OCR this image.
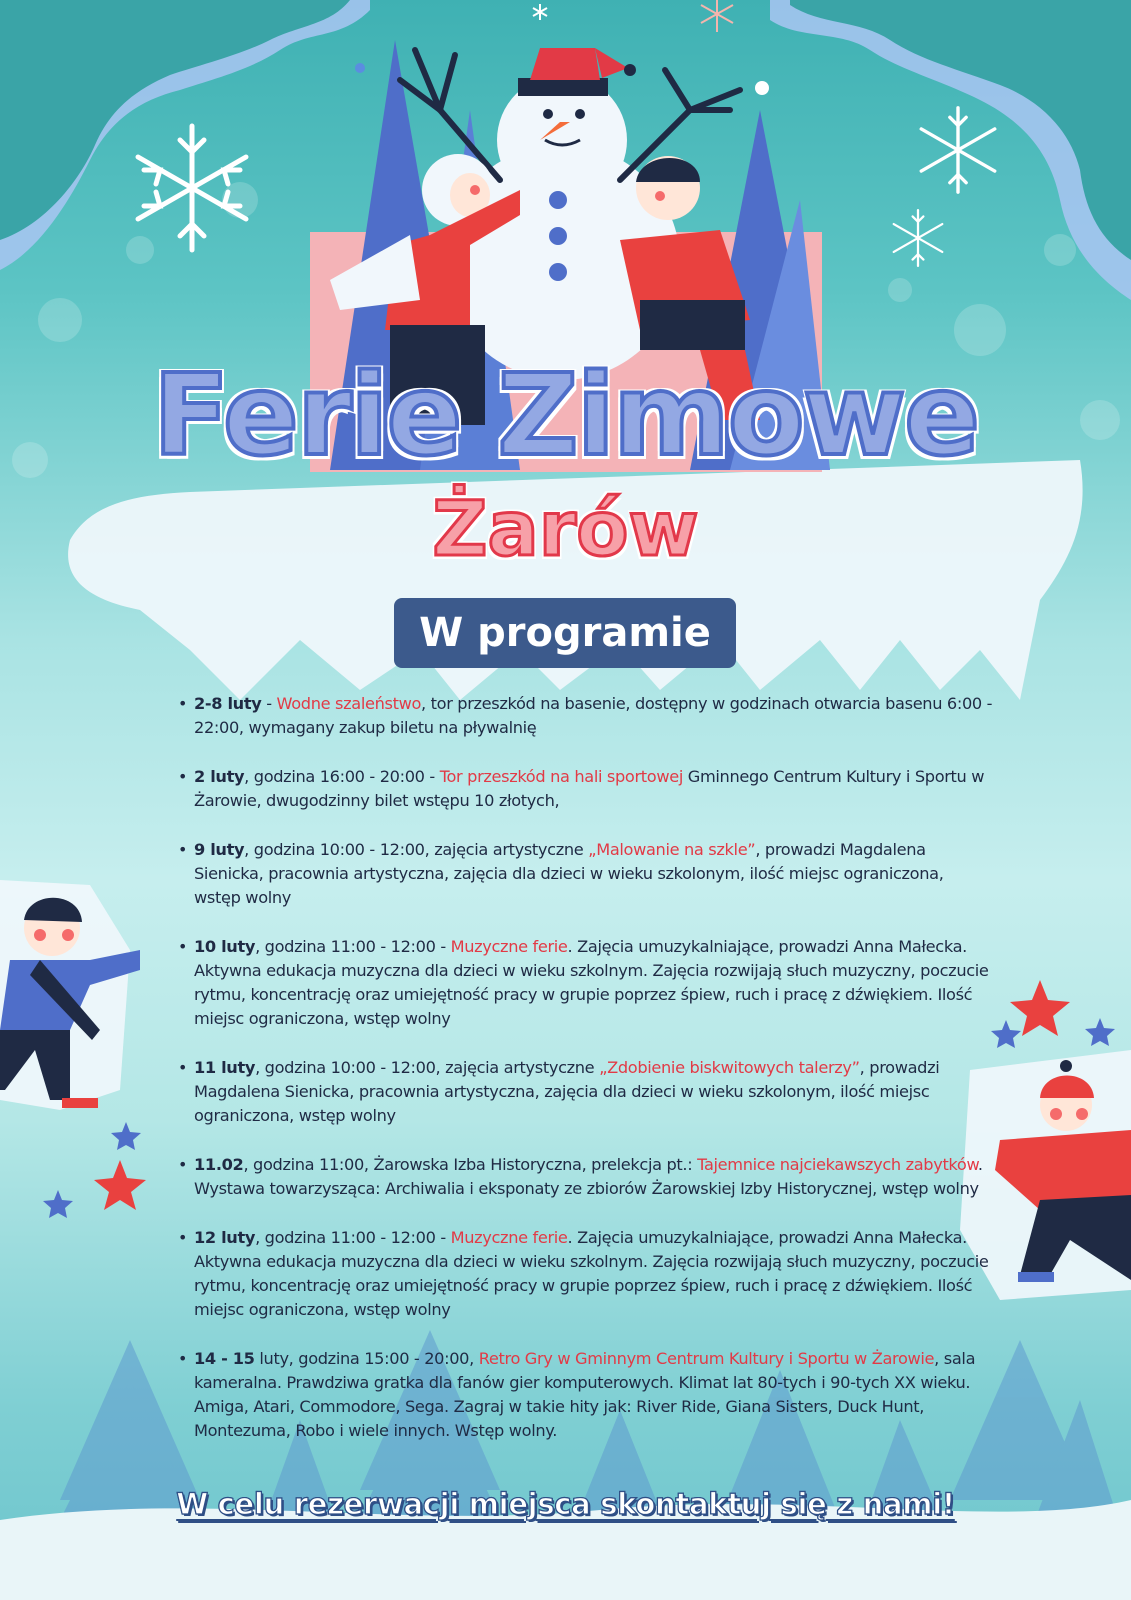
Ferie Zimowe
Żarów
W programie
• 2-8 luty - Wodne szaleństwo, tor przeszkód na basenie, dostępny w godzinach otwarcia basenu 6:00 - 22:00, wymagany zakup biletu na pływalnię
• 2 luty, godzina 16:00 - 20:00 - Tor przeszkód na hali sportowej Gminnego Centrum Kultury i Sportu w Żarowie, dwugodzinny bilet wstępu 10 złotych,
• 9 luty, godzina 10:00 - 12:00, zajęcia artystyczne „Malowanie na szkle”, prowadzi Magdalena Sienicka, pracownia artystyczna, zajęcia dla dzieci w wieku szkolonym, ilość miejsc ograniczona, wstęp wolny
• 10 luty, godzina 11:00 - 12:00 - Muzyczne ferie. Zajęcia umuzykalniające, prowadzi Anna Małecka. Aktywna edukacja muzyczna dla dzieci w wieku szkolnym. Zajęcia rozwijają słuch muzyczny, poczucie rytmu, koncentrację oraz umiejętność pracy w grupie poprzez śpiew, ruch i pracę z dźwiękiem. Ilość miejsc ograniczona, wstęp wolny
• 11 luty, godzina 10:00 - 12:00, zajęcia artystyczne „Zdobienie biskwitowych talerzy”, prowadzi Magdalena Sienicka, pracownia artystyczna, zajęcia dla dzieci w wieku szkolonym, ilość miejsc ograniczona, wstęp wolny
• 11.02, godzina 11:00, Żarowska Izba Historyczna, prelekcja pt.: Tajemnice najciekawszych zabytków. Wystawa towarzysząca: Archiwalia i eksponaty ze zbiorów Żarowskiej Izby Historycznej, wstęp wolny
• 12 luty, godzina 11:00 - 12:00 - Muzyczne ferie. Zajęcia umuzykalniające, prowadzi Anna Małecka. Aktywna edukacja muzyczna dla dzieci w wieku szkolnym. Zajęcia rozwijają słuch muzyczny, poczucie rytmu, koncentrację oraz umiejętność pracy w grupie poprzez śpiew, ruch i pracę z dźwiękiem. Ilość miejsc ograniczona, wstęp wolny
• 14 - 15 luty, godzina 15:00 - 20:00, Retro Gry w Gminnym Centrum Kultury i Sportu w Żarowie, sala kameralna. Prawdziwa gratka dla fanów gier komputerowych. Klimat lat 80-tych i 90-tych XX wieku. Amiga, Atari, Commodore, Sega. Zagraj w takie hity jak: River Ride, Giana Sisters, Duck Hunt, Montezuma, Robo i wiele innych. Wstęp wolny.
W celu rezerwacji miejsca skontaktuj się z nami!
